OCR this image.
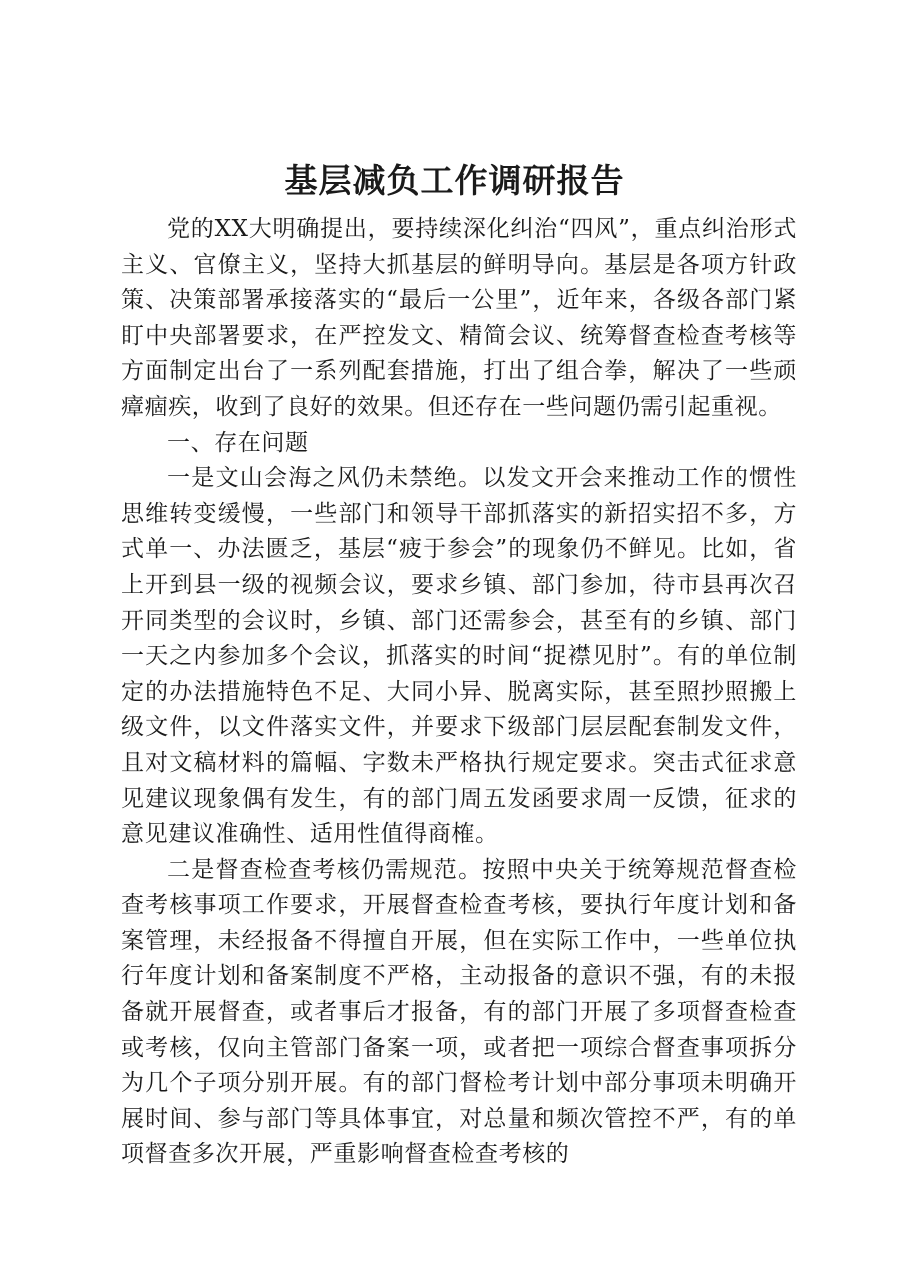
基层减负工作调研报告

党的XX大明确提出，要持续深化纠治“四风”，重点纠治形式主义、官僚主义，坚持大抓基层的鲜明导向。基层是各项方针政策、决策部署承接落实的“最后一公里”，近年来，各级各部门紧盯中央部署要求，在严控发文、精简会议、统筹督查检查考核等方面制定出台了一系列配套措施，打出了组合拳，解决了一些顽瘴痼疾，收到了良好的效果。但还存在一些问题仍需引起重视。

一、存在问题

一是文山会海之风仍未禁绝。以发文开会来推动工作的惯性思维转变缓慢，一些部门和领导干部抓落实的新招实招不多，方式单一、办法匮乏，基层“疲于参会”的现象仍不鲜见。比如，省上开到县一级的视频会议，要求乡镇、部门参加，待市县再次召开同类型的会议时，乡镇、部门还需参会，甚至有的乡镇、部门一天之内参加多个会议，抓落实的时间“捉襟见肘”。有的单位制定的办法措施特色不足、大同小异、脱离实际，甚至照抄照搬上级文件，以文件落实文件，并要求下级部门层层配套制发文件，且对文稿材料的篇幅、字数未严格执行规定要求。突击式征求意见建议现象偶有发生，有的部门周五发函要求周一反馈，征求的意见建议准确性、适用性值得商榷。

二是督查检查考核仍需规范。按照中央关于统筹规范督查检查考核事项工作要求，开展督查检查考核，要执行年度计划和备案管理，未经报备不得擅自开展，但在实际工作中，一些单位执行年度计划和备案制度不严格，主动报备的意识不强，有的未报备就开展督查，或者事后才报备，有的部门开展了多项督查检查或考核，仅向主管部门备案一项，或者把一项综合督查事项拆分为几个子项分别开展。有的部门督检考计划中部分事项未明确开展时间、参与部门等具体事宜，对总量和频次管控不严，有的单项督查多次开展，严重影响督查检查考核的
